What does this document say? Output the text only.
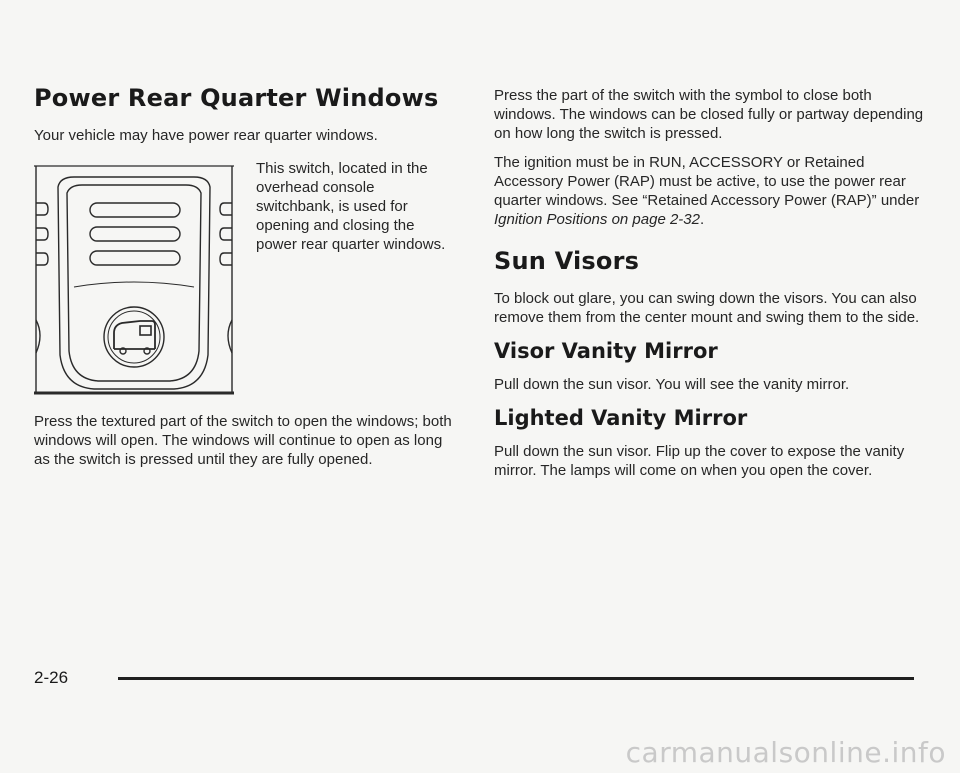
Power Rear Quarter Windows

Your vehicle may have power rear quarter windows.

This switch, located in the overhead console switchbank, is used for opening and closing the power rear quarter windows.

Press the textured part of the switch to open the windows; both windows will open. The windows will continue to open as long as the switch is pressed until they are fully opened.

Press the part of the switch with the symbol to close both windows. The windows can be closed fully or partway depending on how long the switch is pressed.

The ignition must be in RUN, ACCESSORY or Retained Accessory Power (RAP) must be active, to use the power rear quarter windows. See “Retained Accessory Power (RAP)” under Ignition Positions on page 2-32.

Sun Visors

To block out glare, you can swing down the visors. You can also remove them from the center mount and swing them to the side.

Visor Vanity Mirror

Pull down the sun visor. You will see the vanity mirror.

Lighted Vanity Mirror

Pull down the sun visor. Flip up the cover to expose the vanity mirror. The lamps will come on when you open the cover.

2-26
carmanualsonline.info
